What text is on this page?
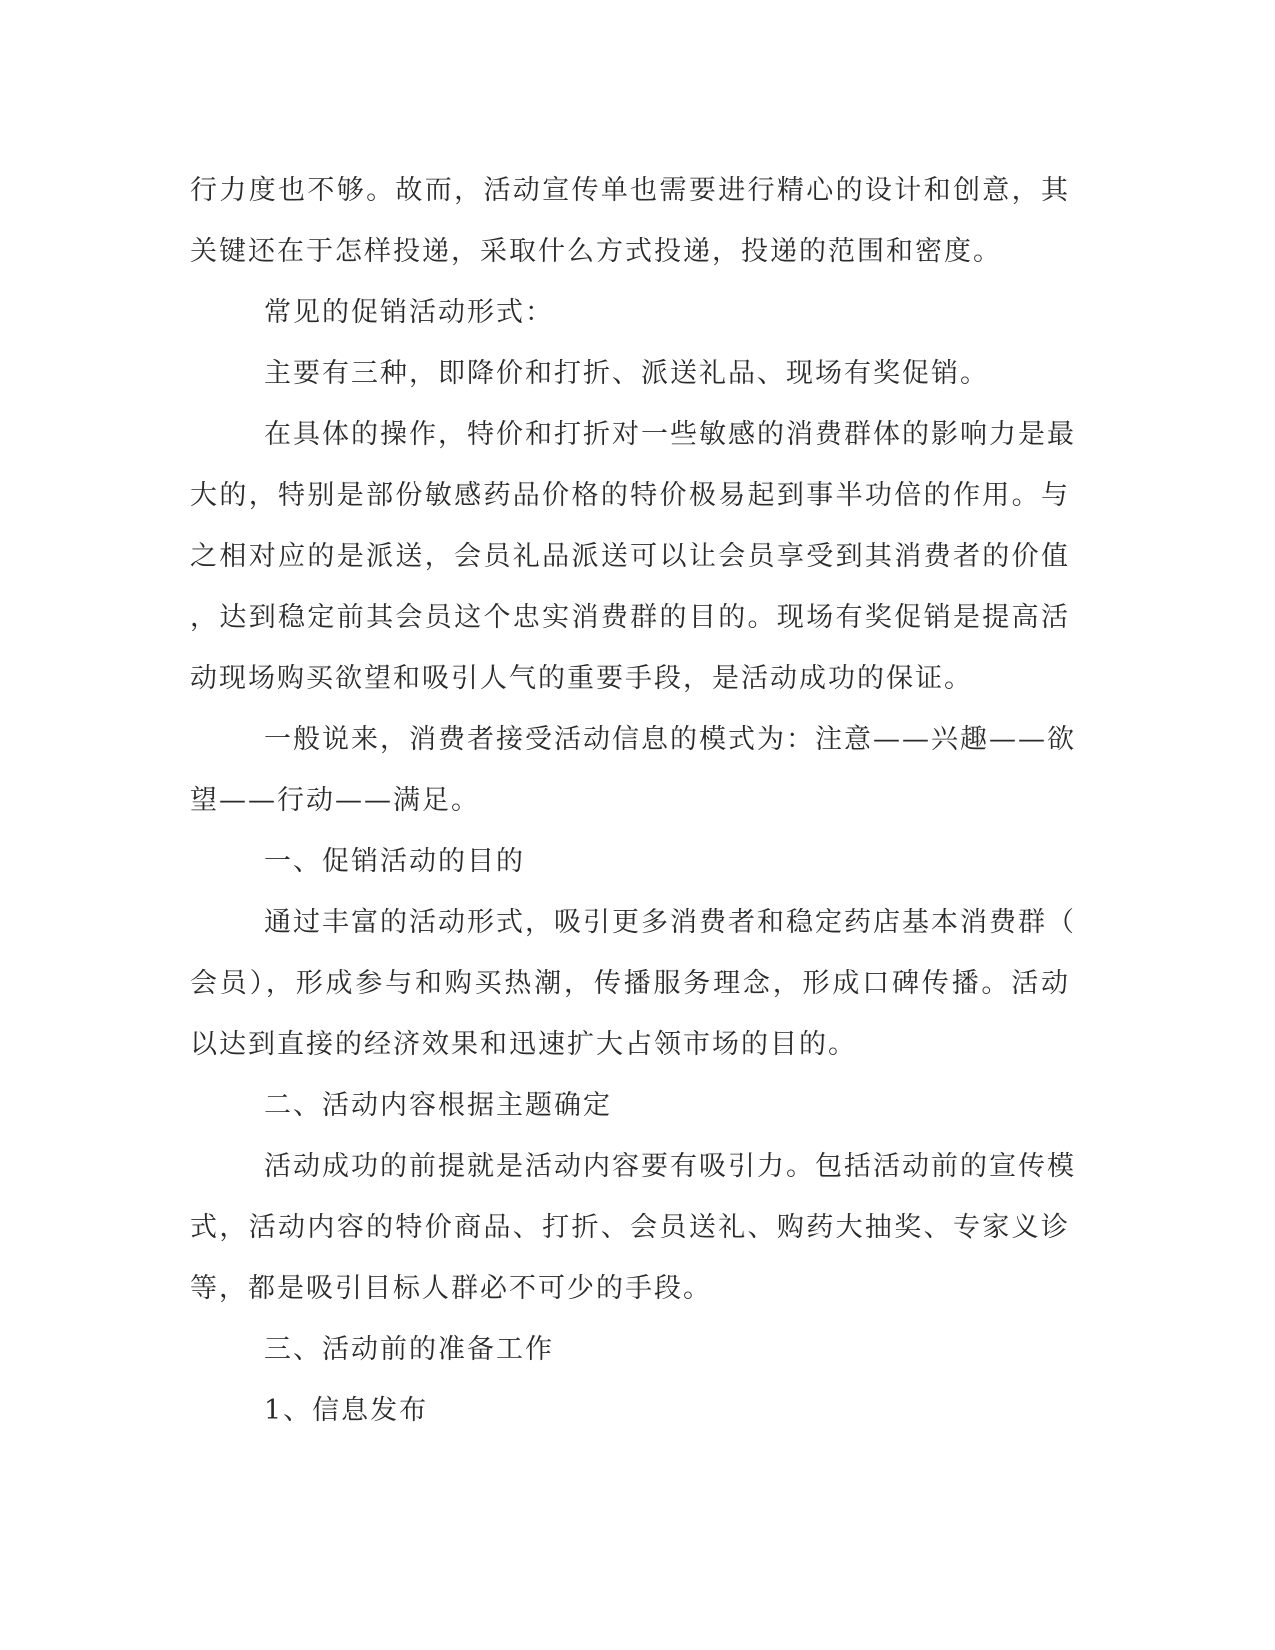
行力度也不够。故而，活动宣传单也需要进行精心的设计和创意，其
关键还在于怎样投递，采取什么方式投递，投递的范围和密度。
常见的促销活动形式：
主要有三种，即降价和打折、派送礼品、现场有奖促销。
在具体的操作，特价和打折对一些敏感的消费群体的影响力是最
大的，特别是部份敏感药品价格的特价极易起到事半功倍的作用。与
之相对应的是派送，会员礼品派送可以让会员享受到其消费者的价值
，达到稳定前其会员这个忠实消费群的目的。现场有奖促销是提高活
动现场购买欲望和吸引人气的重要手段，是活动成功的保证。
一般说来，消费者接受活动信息的模式为：注意——兴趣——欲
望——行动——满足。
一、促销活动的目的
通过丰富的活动形式，吸引更多消费者和稳定药店基本消费群（
会员），形成参与和购买热潮，传播服务理念，形成口碑传播。活动
以达到直接的经济效果和迅速扩大占领市场的目的。
二、活动内容根据主题确定
活动成功的前提就是活动内容要有吸引力。包括活动前的宣传模
式，活动内容的特价商品、打折、会员送礼、购药大抽奖、专家义诊
等，都是吸引目标人群必不可少的手段。
三、活动前的准备工作
1、信息发布
